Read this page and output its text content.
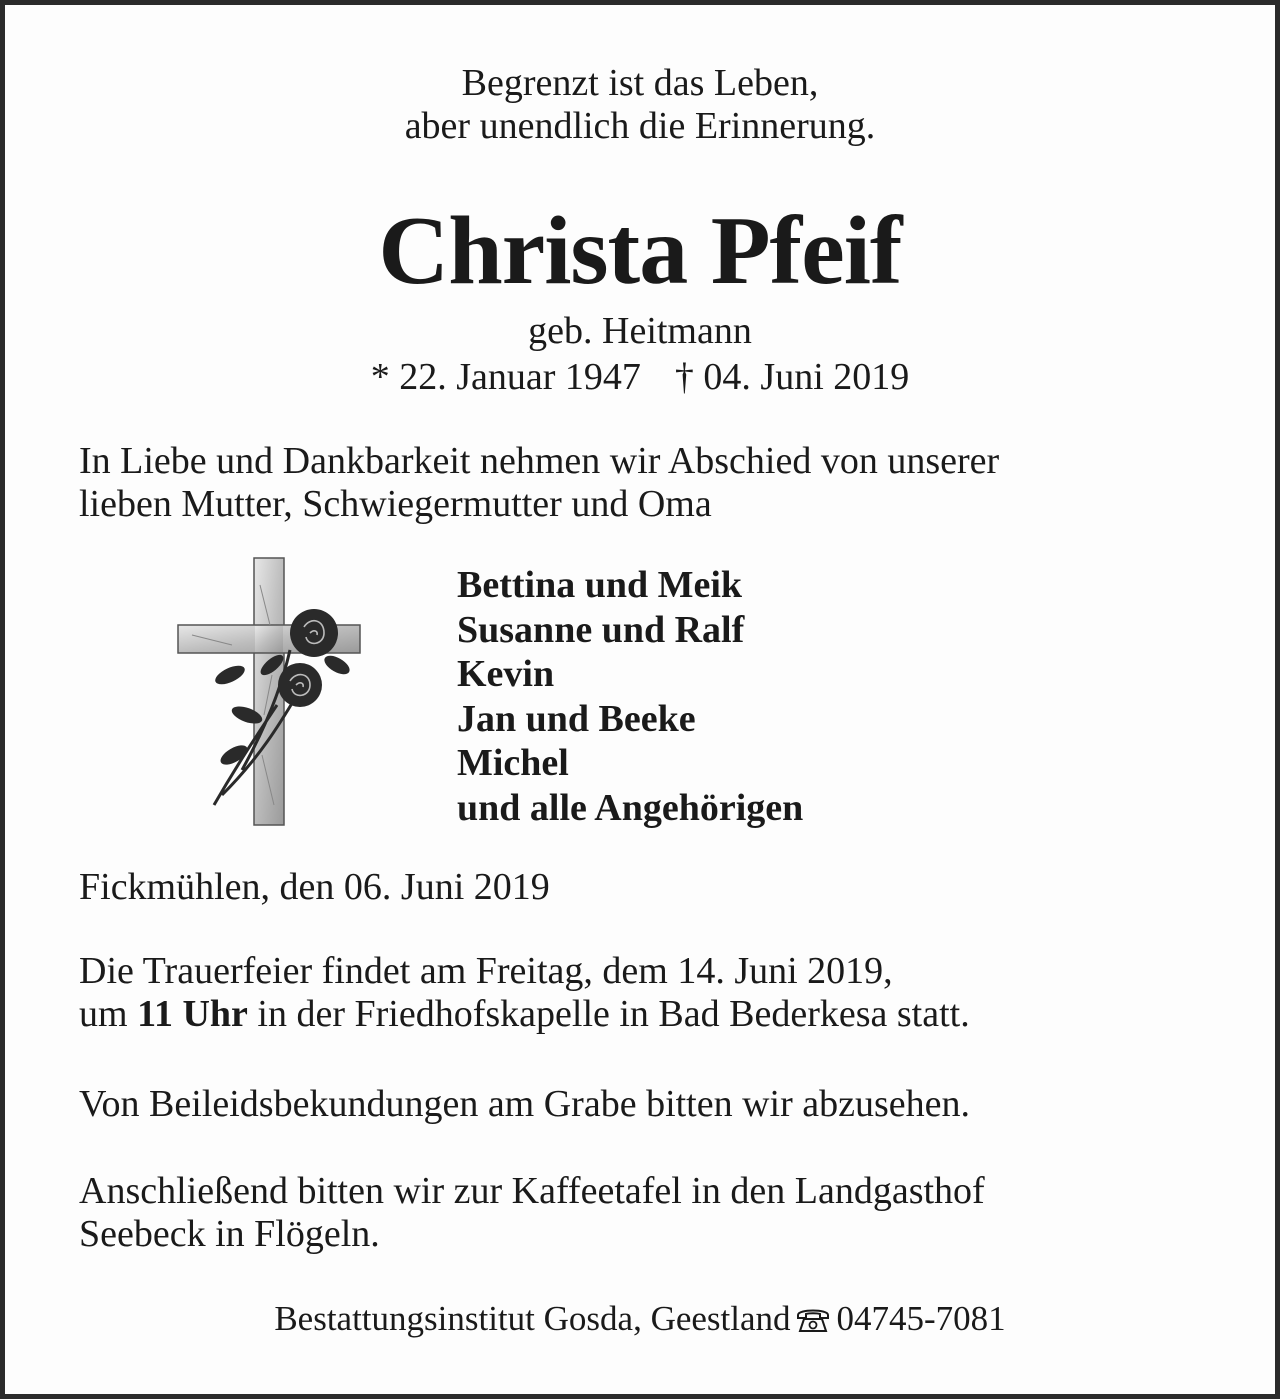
Begrenzt ist das Leben,
aber unendlich die Erinnerung.
Christa Pfeif
geb. Heitmann
* 22. Januar 1947 † 04. Juni 2019
In Liebe und Dankbarkeit nehmen wir Abschied von unserer
lieben Mutter, Schwiegermutter und Oma
Bettina und Meik
Susanne und Ralf
Kevin
Jan und Beeke
Michel
und alle Angehörigen
Fickmühlen, den 06. Juni 2019
Die Trauerfeier findet am Freitag, dem 14. Juni 2019,
um 11 Uhr in der Friedhofskapelle in Bad Bederkesa statt.
Von Beileidsbekundungen am Grabe bitten wir abzusehen.
Anschließend bitten wir zur Kaffeetafel in den Landgasthof
Seebeck in Flögeln.
Bestattungsinstitut Gosda, Geestland 04745-7081
